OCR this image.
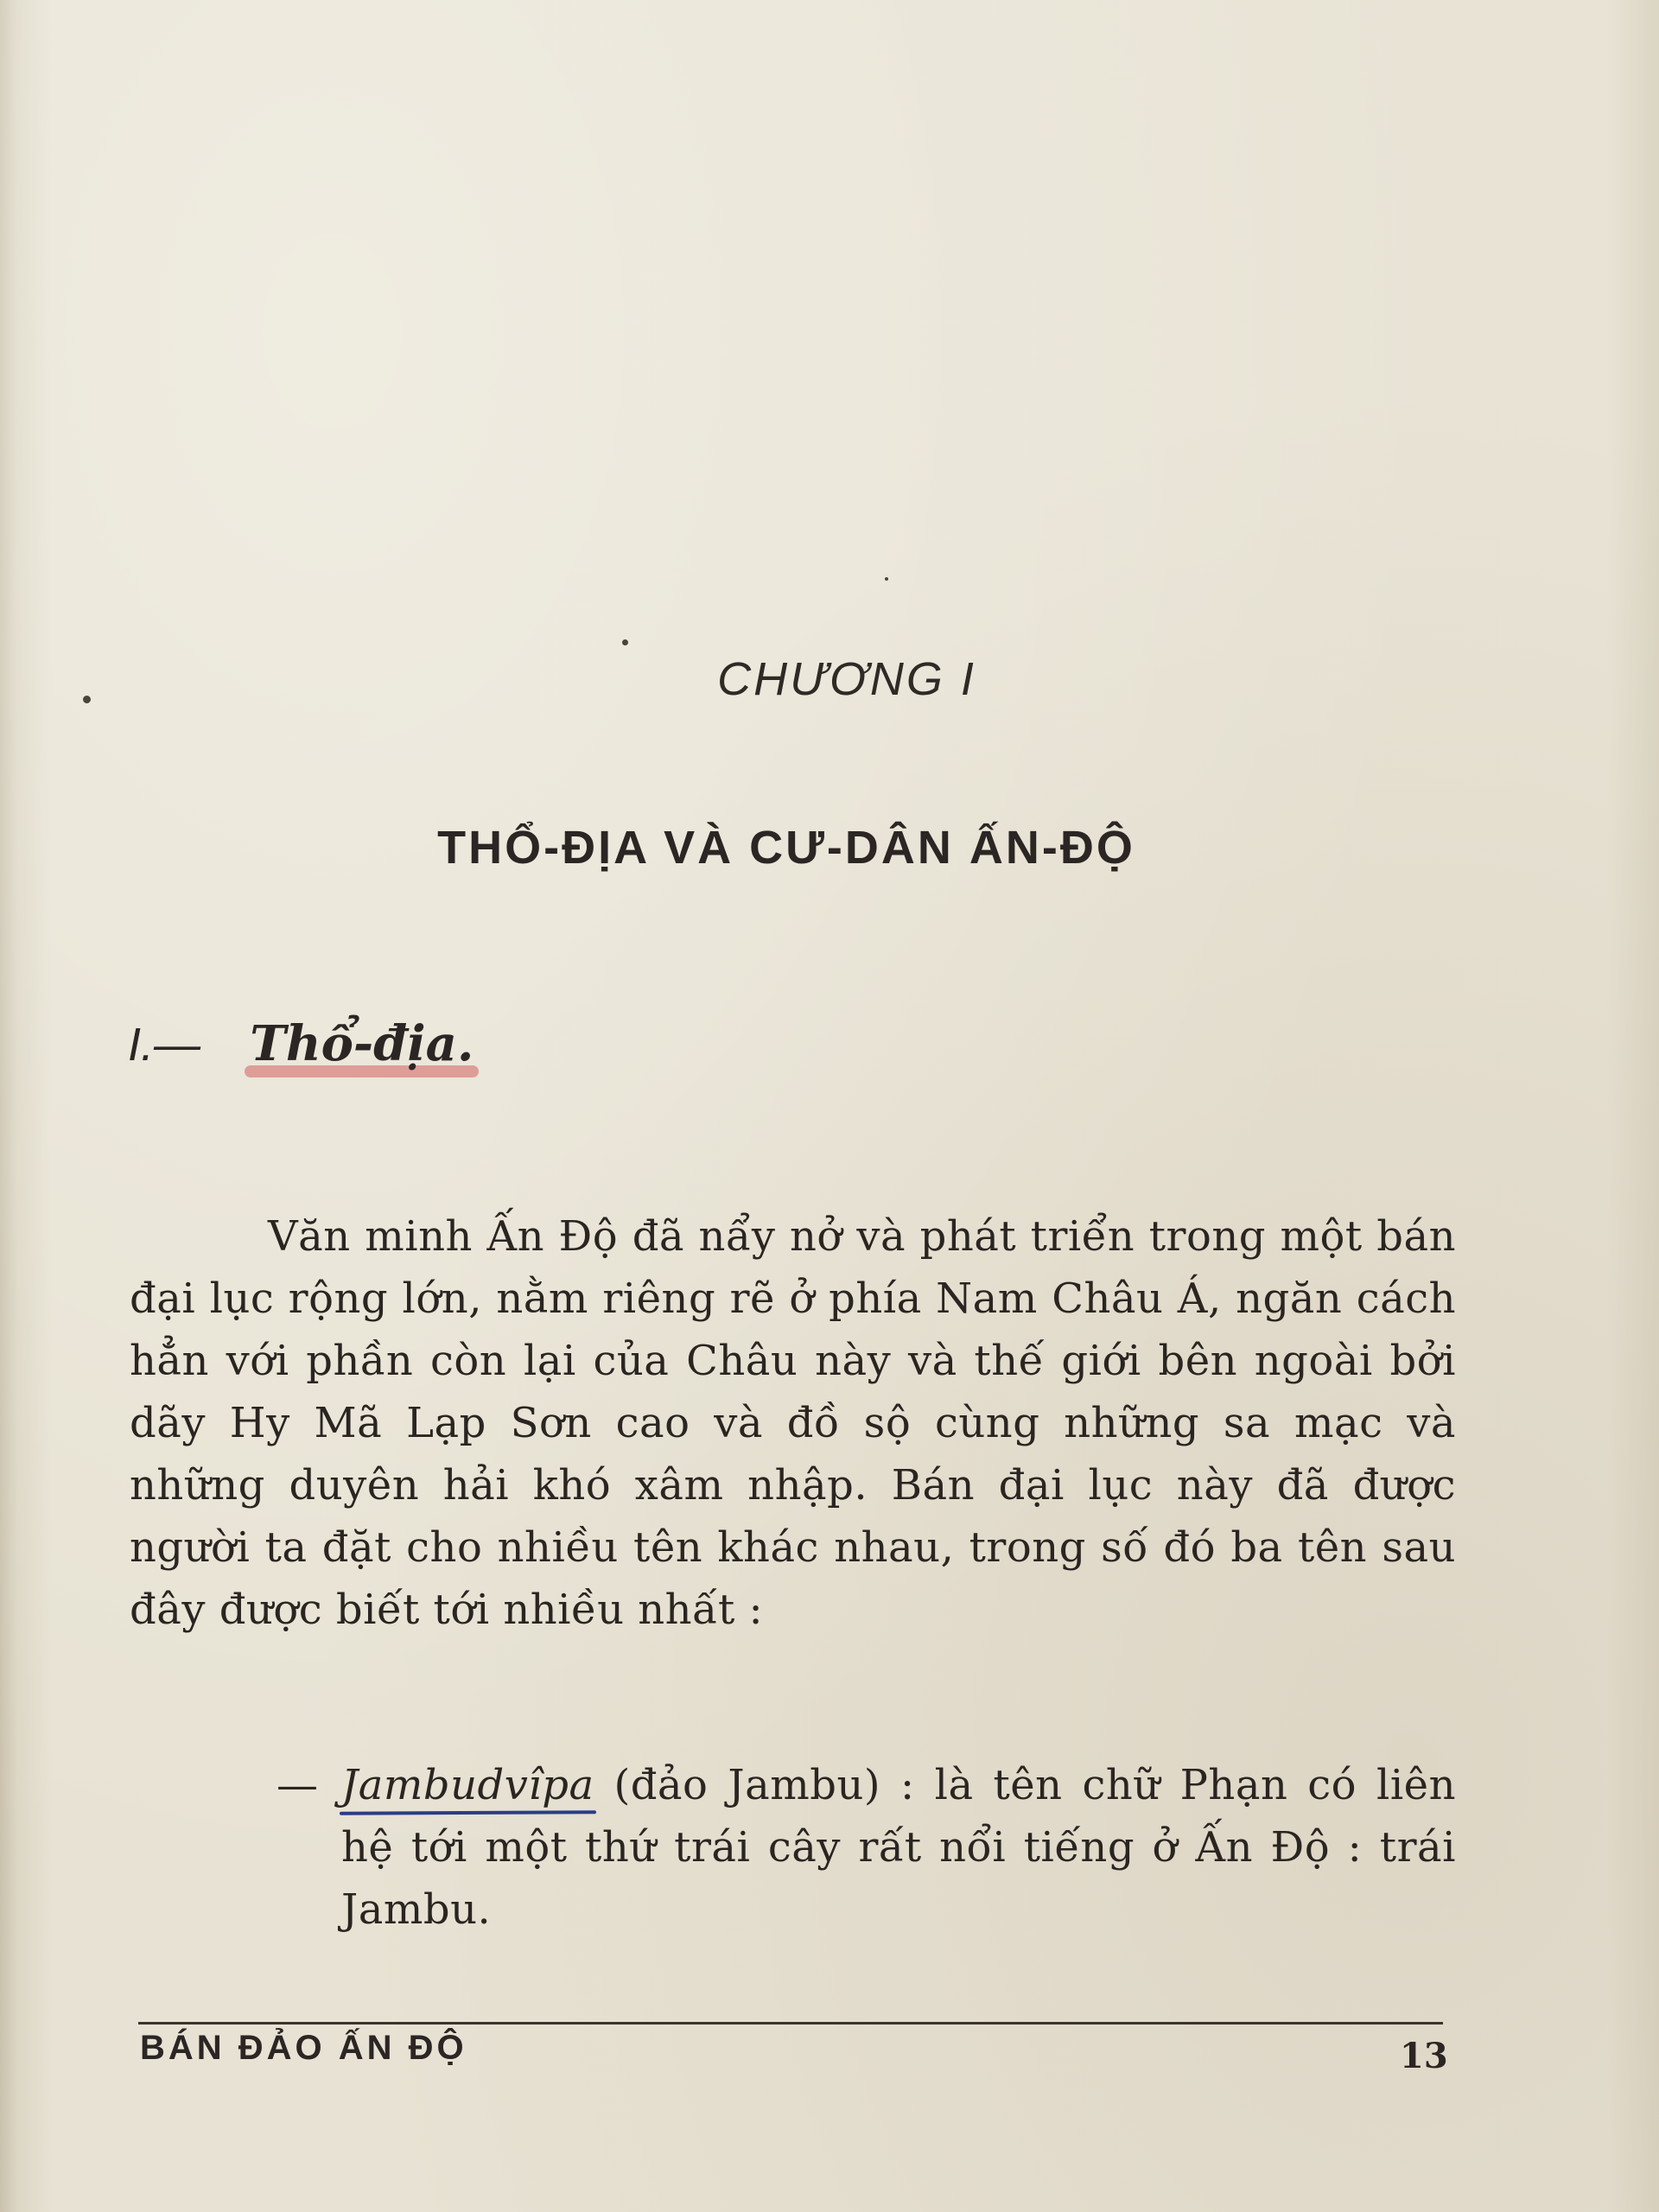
CHƯƠNG I
THỔ-ĐỊA VÀ CƯ-DÂN ẤN-ĐỘ
I.— Thổ-địa.
Văn minh Ấn Độ đã nẩy nở và phát triển trong một bán đại lục rộng lớn, nằm riêng rẽ ở phía Nam Châu Á, ngăn cách hẳn với phần còn lại của Châu này và thế giới bên ngoài bởi dãy Hy Mã Lạp Sơn cao và đồ sộ cùng những sa mạc và những duyên hải khó xâm nhập. Bán đại lục này đã được người ta đặt cho nhiều tên khác nhau, trong số đó ba tên sau đây được biết tới nhiều nhất :
— Jambudvîpa
(đảo Jambu) : là tên chữ Phạn có liên hệ tới một thứ trái cây rất nổi tiếng ở Ấn Độ : trái Jambu.
BÁN ĐẢO ẤN ĐỘ	13
